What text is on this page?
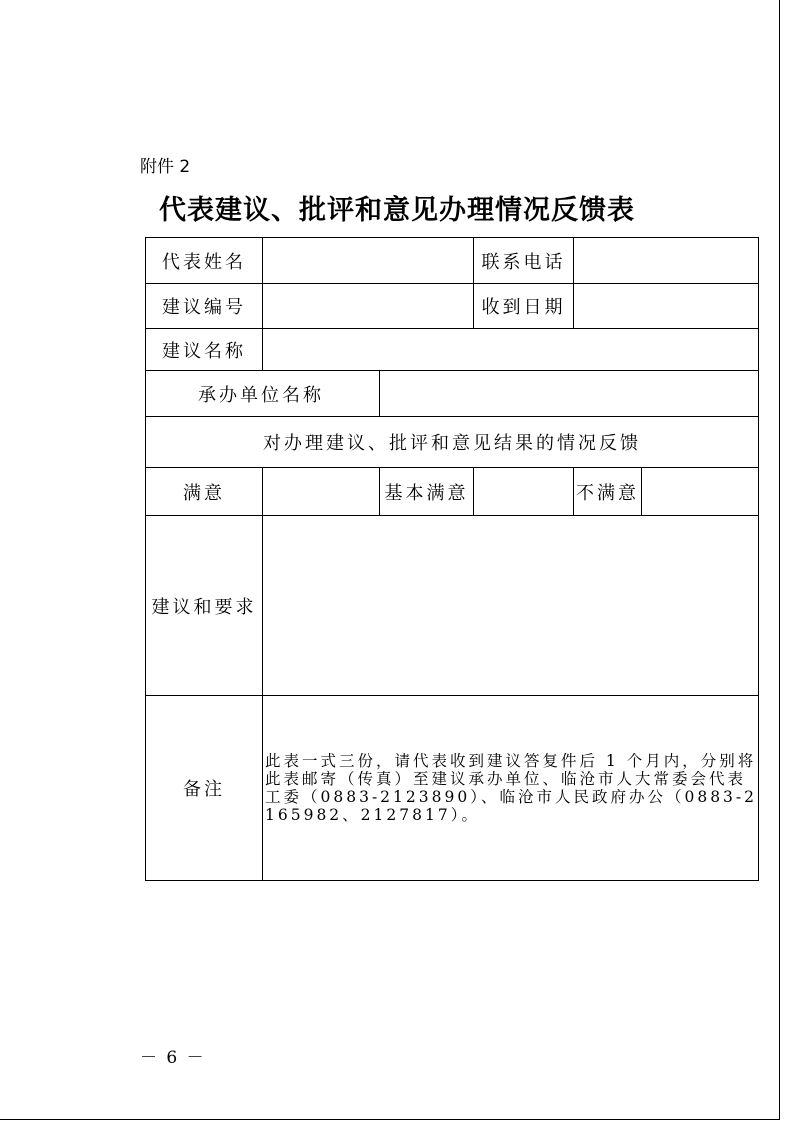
附件 2
代表建议、批评和意见办理情况反馈表
代表姓名			联系电话		
建议编号			收到日期		
建议名称					
承办单位名称					
对办理建议、批评和意见结果的情况反馈					
满意		基本满意		不满意	
建议和要求					
备注	此表一式三份，请代表收到建议答复件后 1 个月内，分别将此表邮寄（传真）至建议承办单位、临沧市人大常委会代表工委（0883-2123890）、临沧市人民政府办公（0883-2165982、2127817）。				
－ 6 －
